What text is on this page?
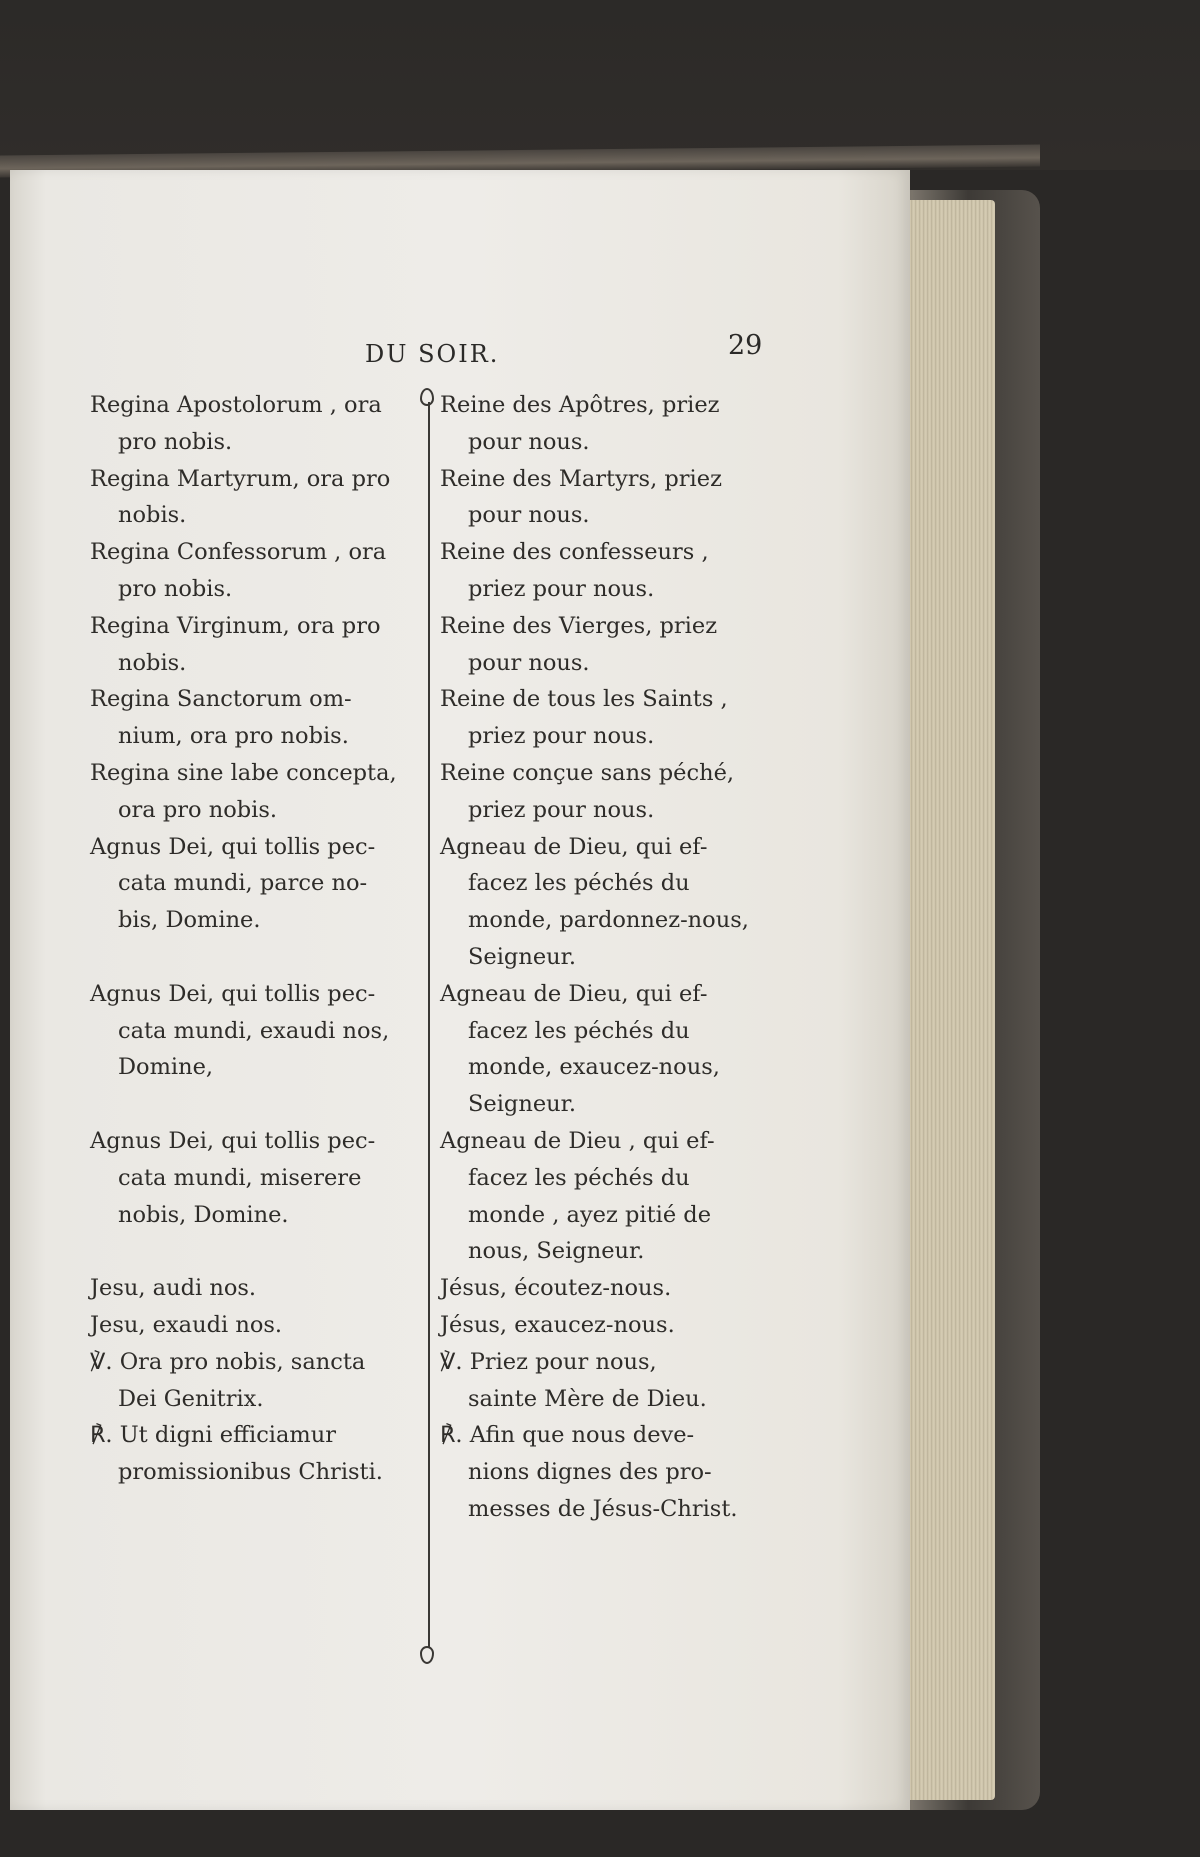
DU SOIR.	29
Regina Apostolorum , ora
pro nobis.
Regina Martyrum, ora pro
nobis.
Regina Confessorum , ora
pro nobis.
Regina Virginum, ora pro
nobis.
Regina Sanctorum om-
nium, ora pro nobis.
Regina sine labe concepta,
ora pro nobis.
Agnus Dei, qui tollis pec-
cata mundi, parce no-
bis, Domine.
Agnus Dei, qui tollis pec-
cata mundi, exaudi nos,
Domine,
Agnus Dei, qui tollis pec-
cata mundi, miserere
nobis, Domine.
Jesu, audi nos.
Jesu, exaudi nos.
℣. Ora pro nobis, sancta
Dei Genitrix.
℟. Ut digni efficiamur
promissionibus Christi.
Reine des Apôtres, priez
pour nous.
Reine des Martyrs, priez
pour nous.
Reine des confesseurs ,
priez pour nous.
Reine des Vierges, priez
pour nous.
Reine de tous les Saints ,
priez pour nous.
Reine conçue sans péché,
priez pour nous.
Agneau de Dieu, qui ef-
facez les péchés du
monde, pardonnez-nous,
Seigneur.
Agneau de Dieu, qui ef-
facez les péchés du
monde, exaucez-nous,
Seigneur.
Agneau de Dieu , qui ef-
facez les péchés du
monde , ayez pitié de
nous, Seigneur.
Jésus, écoutez-nous.
Jésus, exaucez-nous.
℣. Priez pour nous,
sainte Mère de Dieu.
℟. Afin que nous deve-
nions dignes des pro-
messes de Jésus-Christ.
